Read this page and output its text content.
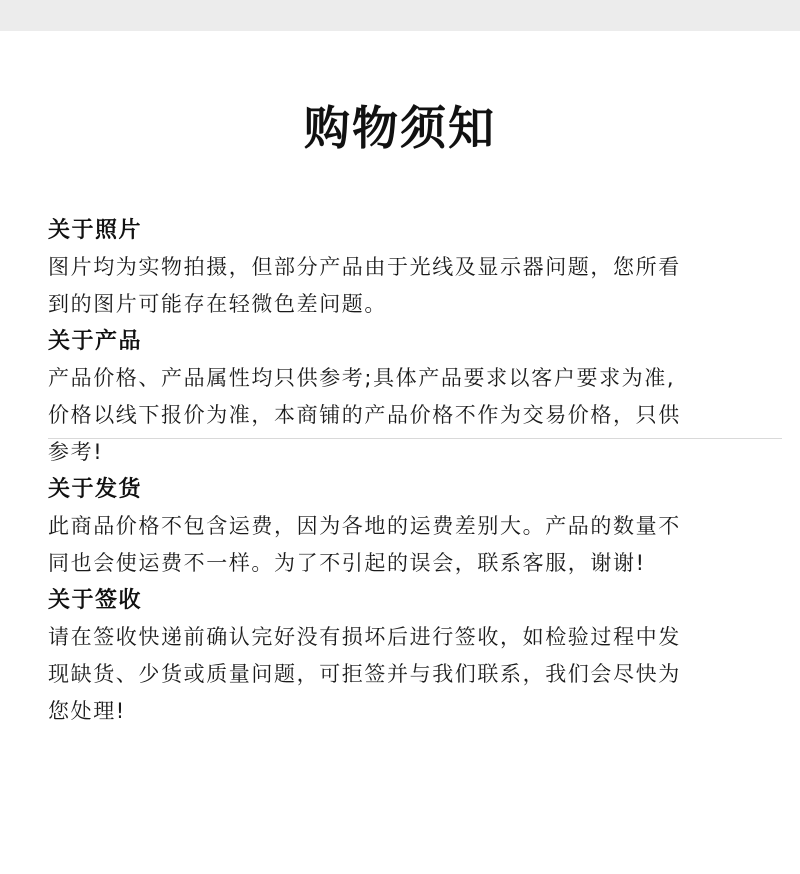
购物须知
关于照片

图片均为实物拍摄，但部分产品由于光线及显示器问题，您所看

到的图片可能存在轻微色差问题。

关于产品

产品价格、产品属性均只供参考;具体产品要求以客户要求为准,

价格以线下报价为准，本商铺的产品价格不作为交易价格，只供

参考!

关于发货

此商品价格不包含运费，因为各地的运费差别大。产品的数量不

同也会使运费不一样。为了不引起的误会，联系客服，谢谢!

关于签收

请在签收快递前确认完好没有损坏后进行签收，如检验过程中发

现缺货、少货或质量问题，可拒签并与我们联系，我们会尽快为

您处理!
